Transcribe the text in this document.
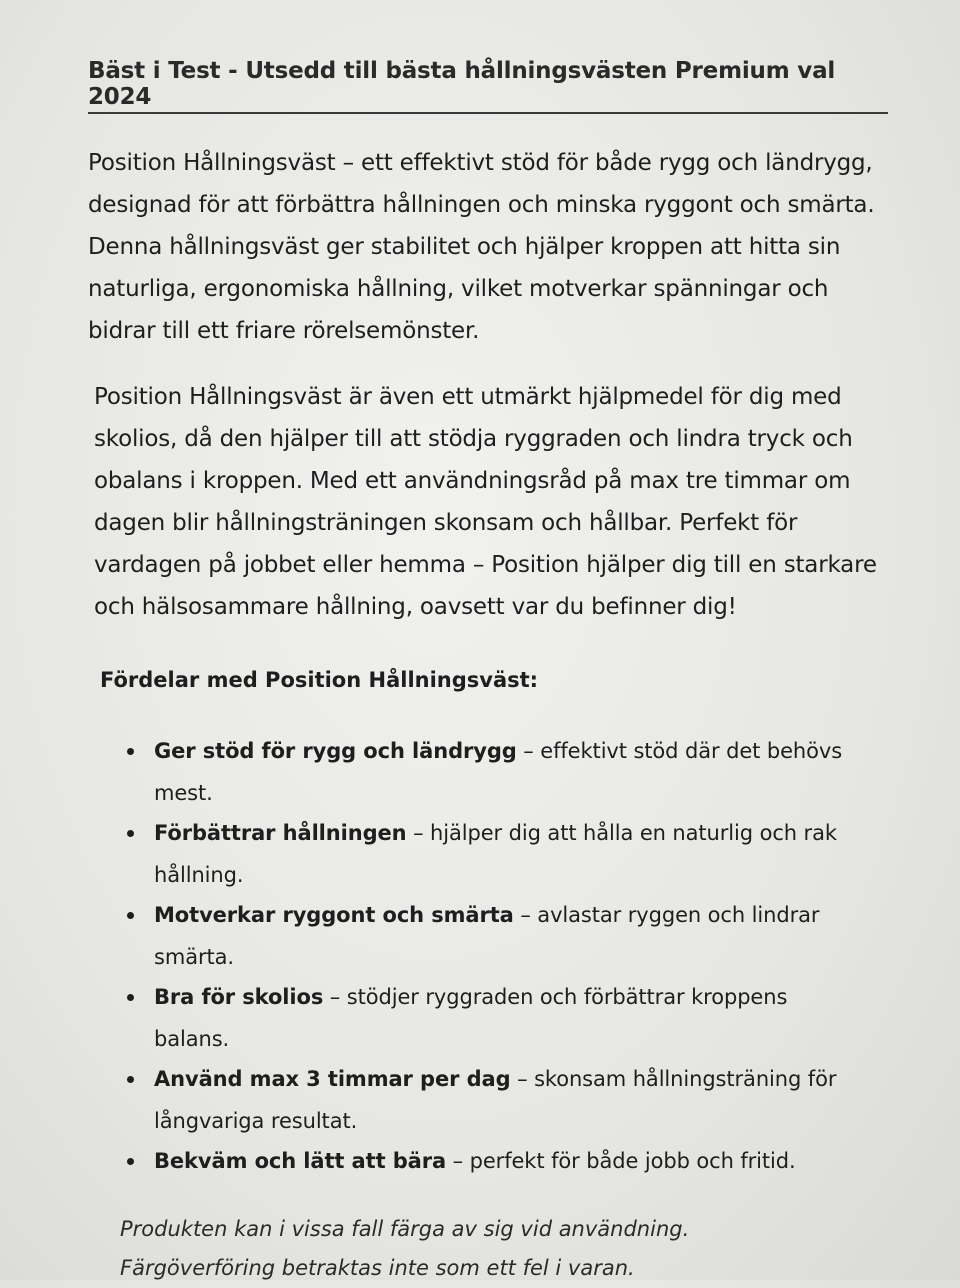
Bäst i Test - Utsedd till bästa hållningsvästen Premium val 2024

Position Hållningsväst – ett effektivt stöd för både rygg och ländrygg, designad för att förbättra hållningen och minska ryggont och smärta. Denna hållningsväst ger stabilitet och hjälper kroppen att hitta sin naturliga, ergonomiska hållning, vilket motverkar spänningar och bidrar till ett friare rörelsemönster.

Position Hållningsväst är även ett utmärkt hjälpmedel för dig med skolios, då den hjälper till att stödja ryggraden och lindra tryck och obalans i kroppen. Med ett användningsråd på max tre timmar om dagen blir hållningsträningen skonsam och hållbar. Perfekt för vardagen på jobbet eller hemma – Position hjälper dig till en starkare och hälsosammare hållning, oavsett var du befinner dig!

Fördelar med Position Hållningsväst:
Ger stöd för rygg och ländrygg – effektivt stöd där det behövs mest.
Förbättrar hållningen – hjälper dig att hålla en naturlig och rak hållning.
Motverkar ryggont och smärta – avlastar ryggen och lindrar smärta.
Bra för skolios – stödjer ryggraden och förbättrar kroppens balans.
Använd max 3 timmar per dag – skonsam hållningsträning för långvariga resultat.
Bekväm och lätt att bära – perfekt för både jobb och fritid.
Produkten kan i vissa fall färga av sig vid användning.
Färgöverföring betraktas inte som ett fel i varan.
